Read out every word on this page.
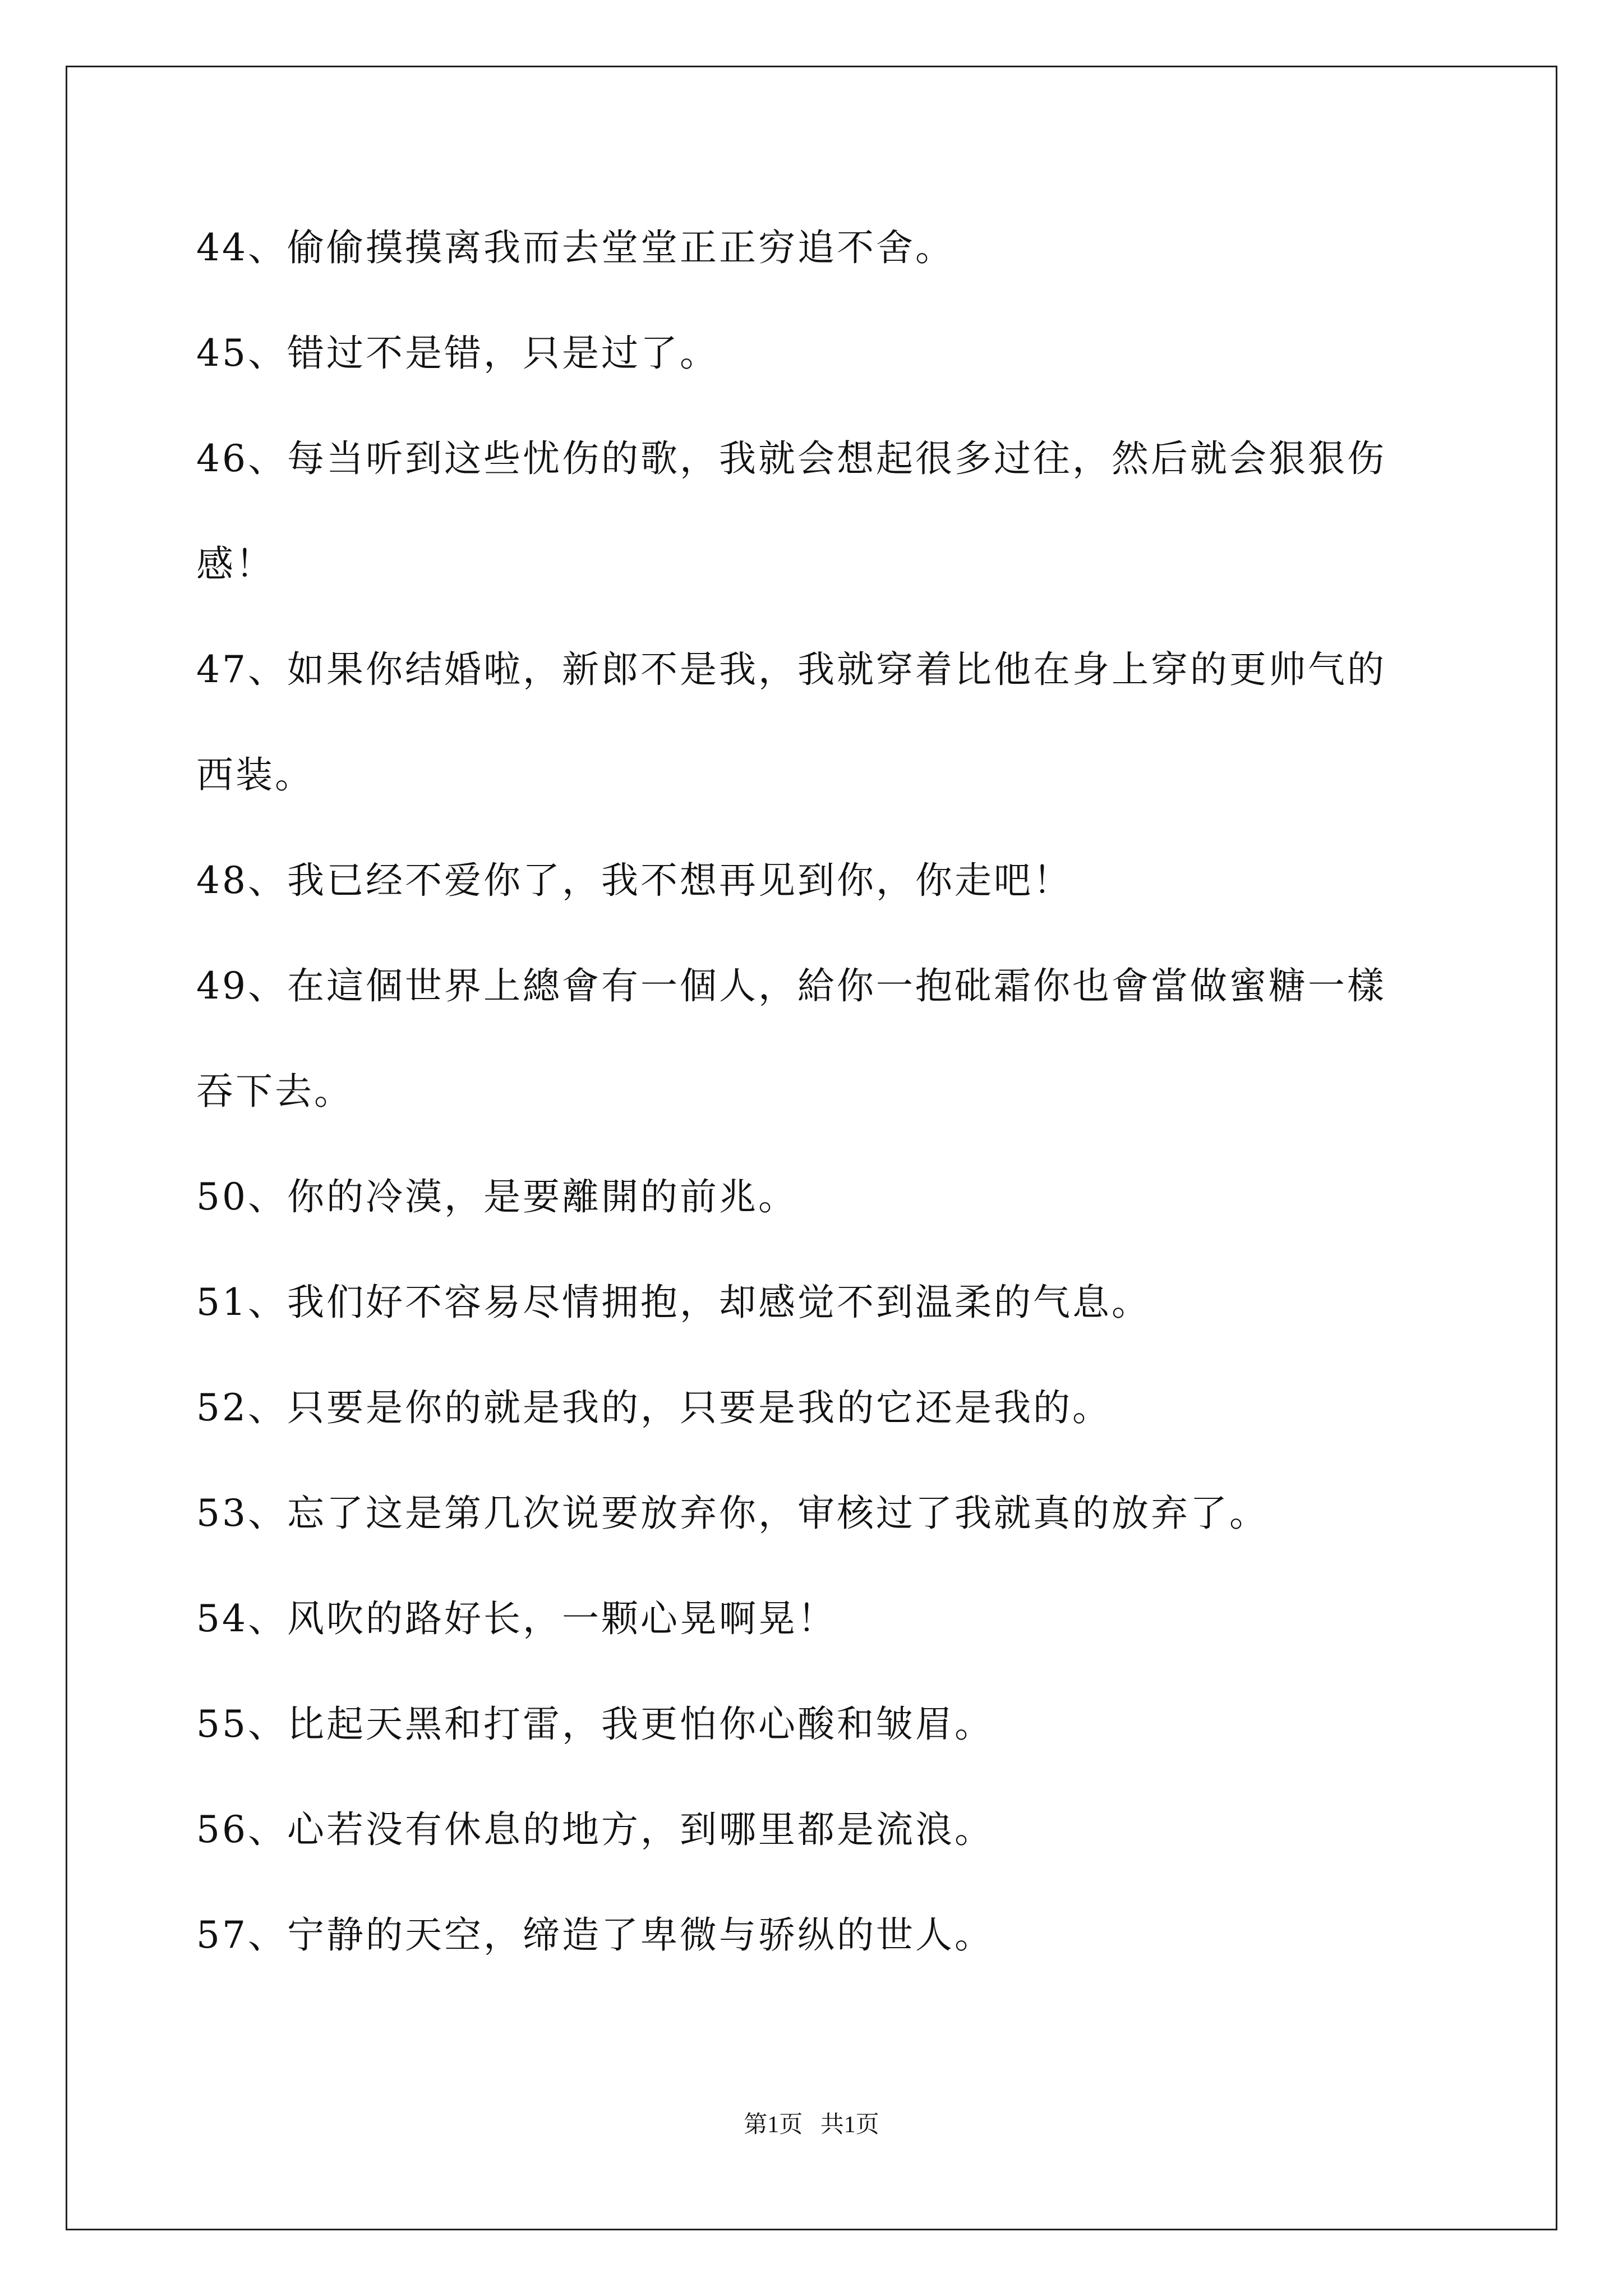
44、偷偷摸摸离我而去堂堂正正穷追不舍。
45、错过不是错，只是过了。
46、每当听到这些忧伤的歌，我就会想起很多过往，然后就会狠狠伤
感！
47、如果你结婚啦，新郎不是我，我就穿着比他在身上穿的更帅气的
西装。
48、我已经不爱你了，我不想再见到你，你走吧！
49、在這個世界上總會有一個人，給你一抱砒霜你也會當做蜜糖一樣
吞下去。
50、你的冷漠，是要離開的前兆。
51、我们好不容易尽情拥抱，却感觉不到温柔的气息。
52、只要是你的就是我的，只要是我的它还是我的。
53、忘了这是第几次说要放弃你，审核过了我就真的放弃了。
54、风吹的路好长，一颗心晃啊晃！
55、比起天黑和打雷，我更怕你心酸和皱眉。
56、心若没有休息的地方，到哪里都是流浪。
57、宁静的天空，缔造了卑微与骄纵的世人。
第1页 共1页
